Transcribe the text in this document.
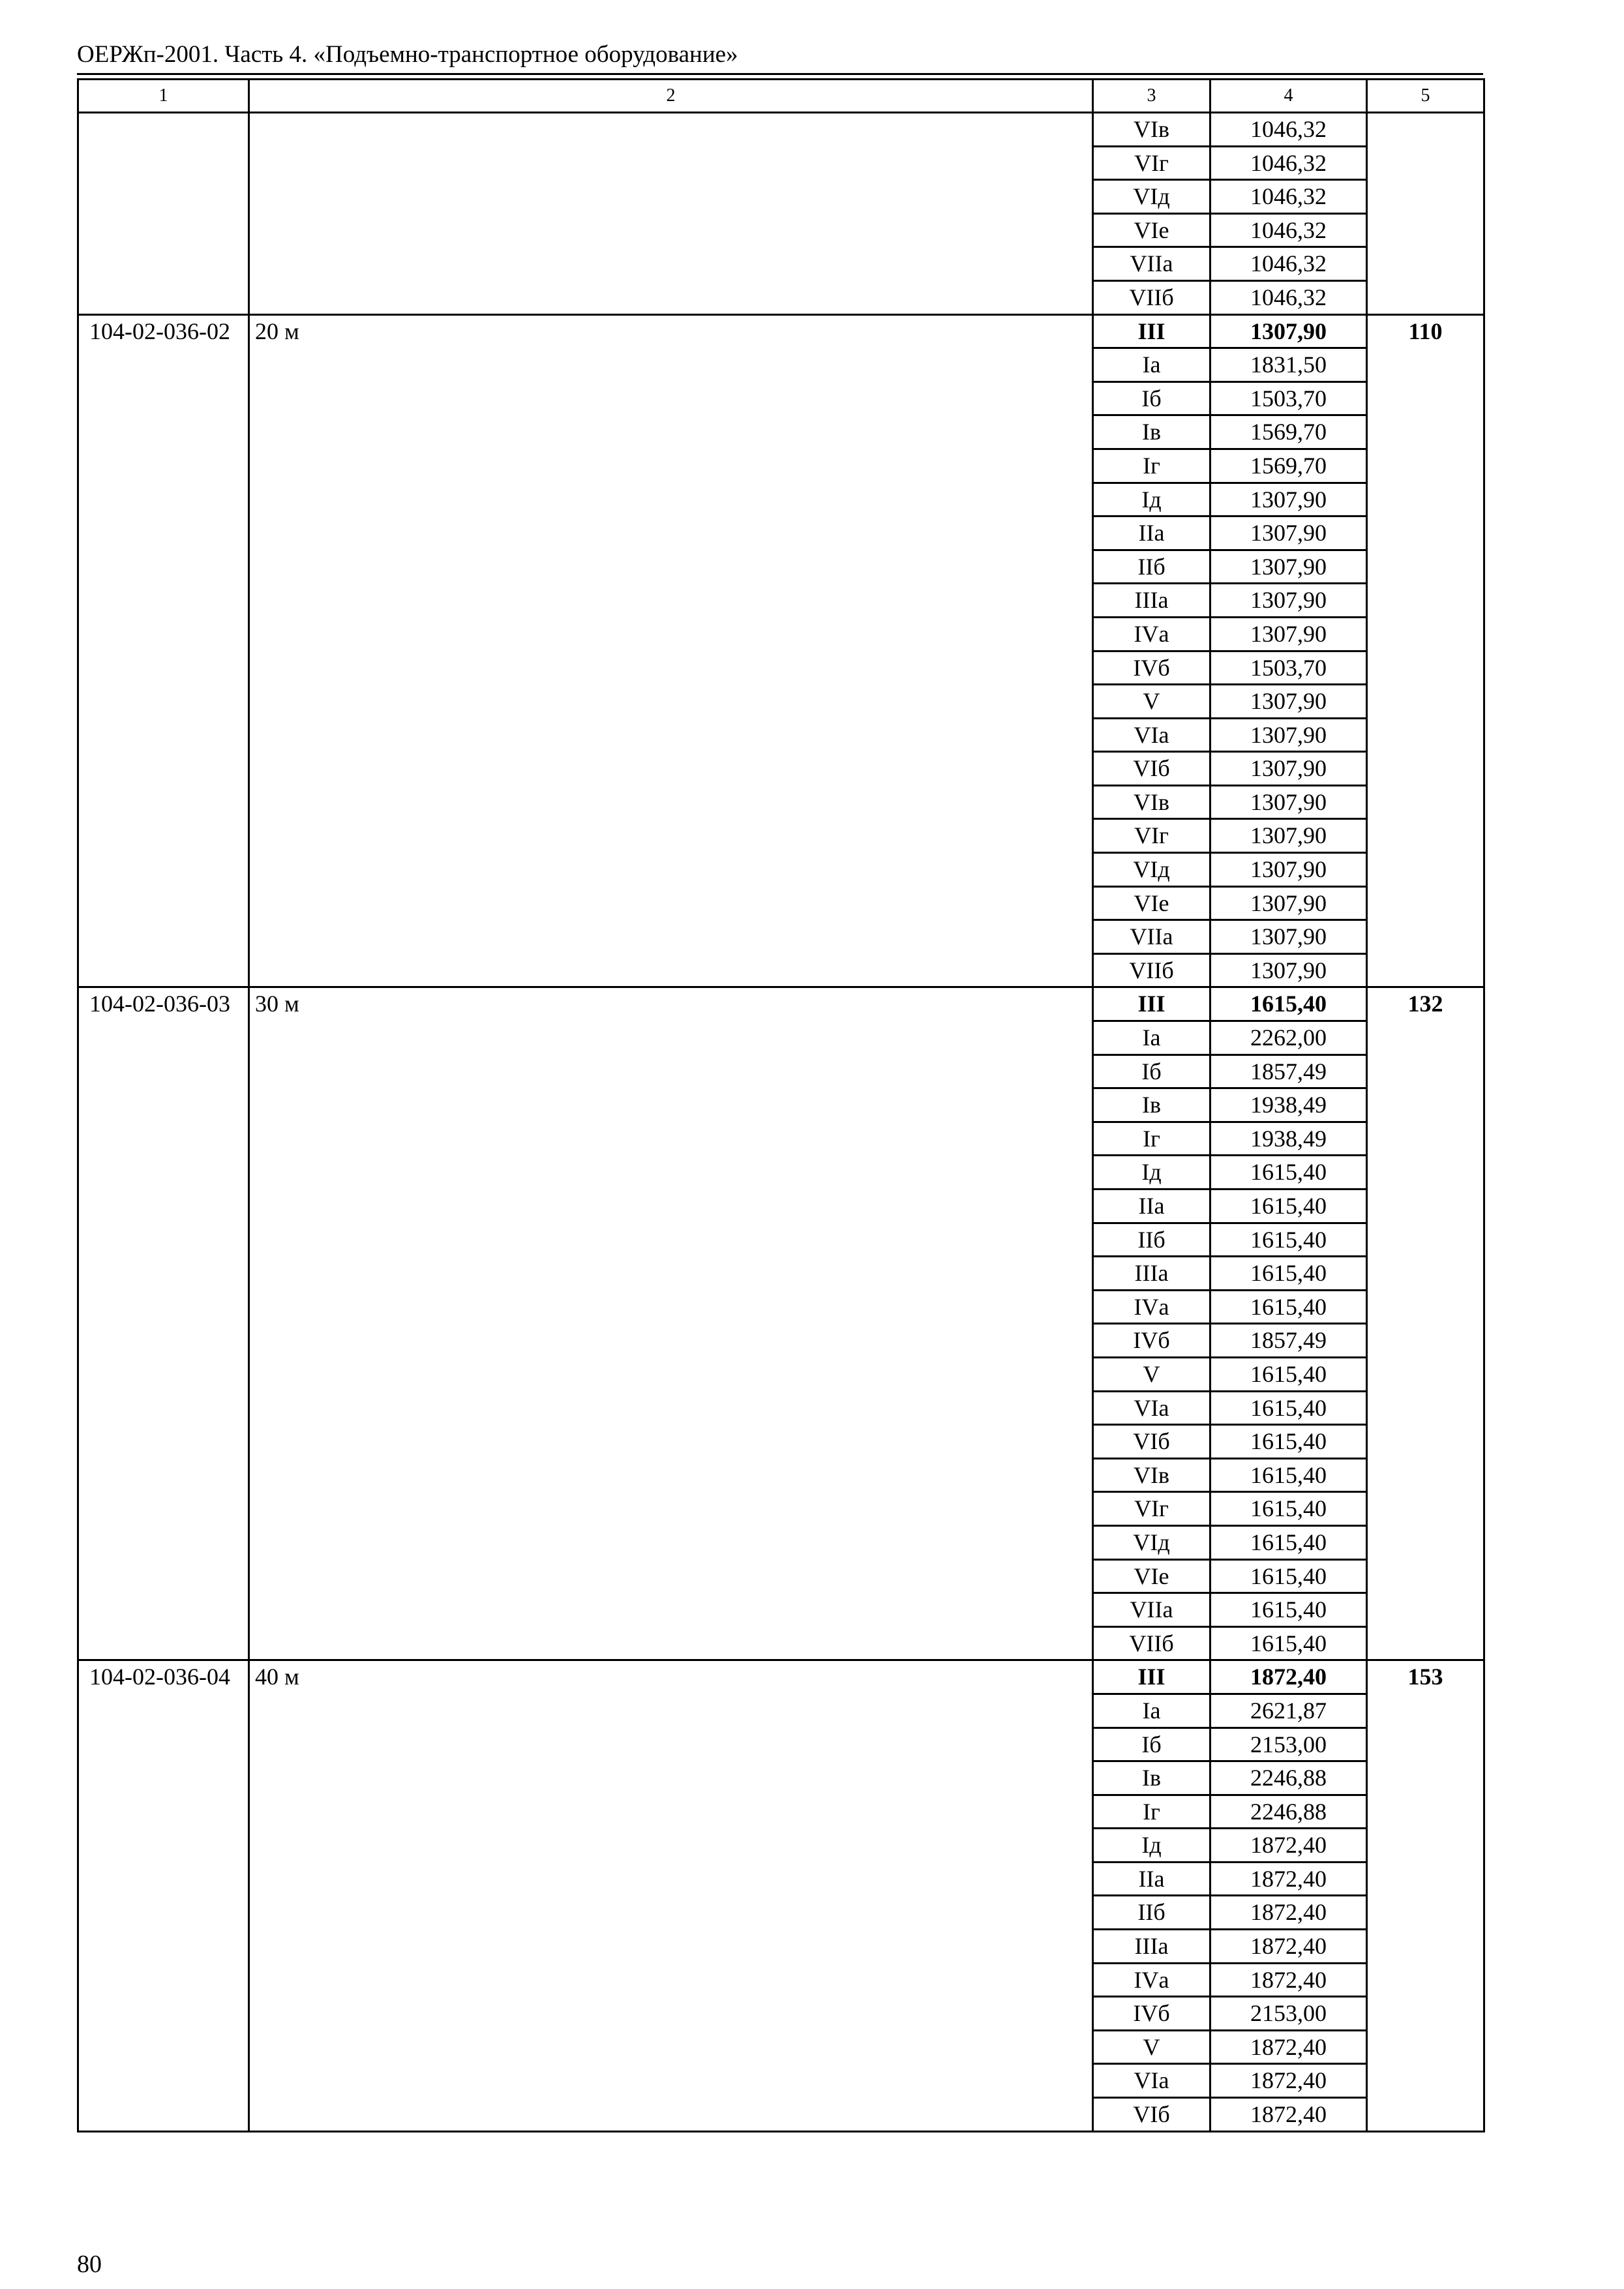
ОЕРЖп-2001. Часть 4. «Подъемно-транспортное оборудование»
1	2	3	4	5
		VIв	1046,32	
		VIг	1046,32	
		VIд	1046,32	
		VIе	1046,32	
		VIIа	1046,32	
		VIIб	1046,32	
104-02-036-02	20 м	III	1307,90	110
		Iа	1831,50	
		Iб	1503,70	
		Iв	1569,70	
		Iг	1569,70	
		Iд	1307,90	
		IIа	1307,90	
		IIб	1307,90	
		IIIа	1307,90	
		IVа	1307,90	
		IVб	1503,70	
		V	1307,90	
		VIа	1307,90	
		VIб	1307,90	
		VIв	1307,90	
		VIг	1307,90	
		VIд	1307,90	
		VIе	1307,90	
		VIIа	1307,90	
		VIIб	1307,90	
104-02-036-03	30 м	III	1615,40	132
		Iа	2262,00	
		Iб	1857,49	
		Iв	1938,49	
		Iг	1938,49	
		Iд	1615,40	
		IIа	1615,40	
		IIб	1615,40	
		IIIа	1615,40	
		IVа	1615,40	
		IVб	1857,49	
		V	1615,40	
		VIа	1615,40	
		VIб	1615,40	
		VIв	1615,40	
		VIг	1615,40	
		VIд	1615,40	
		VIе	1615,40	
		VIIа	1615,40	
		VIIб	1615,40	
104-02-036-04	40 м	III	1872,40	153
		Iа	2621,87	
		Iб	2153,00	
		Iв	2246,88	
		Iг	2246,88	
		Iд	1872,40	
		IIа	1872,40	
		IIб	1872,40	
		IIIа	1872,40	
		IVа	1872,40	
		IVб	2153,00	
		V	1872,40	
		VIа	1872,40	
		VIб	1872,40	
80
